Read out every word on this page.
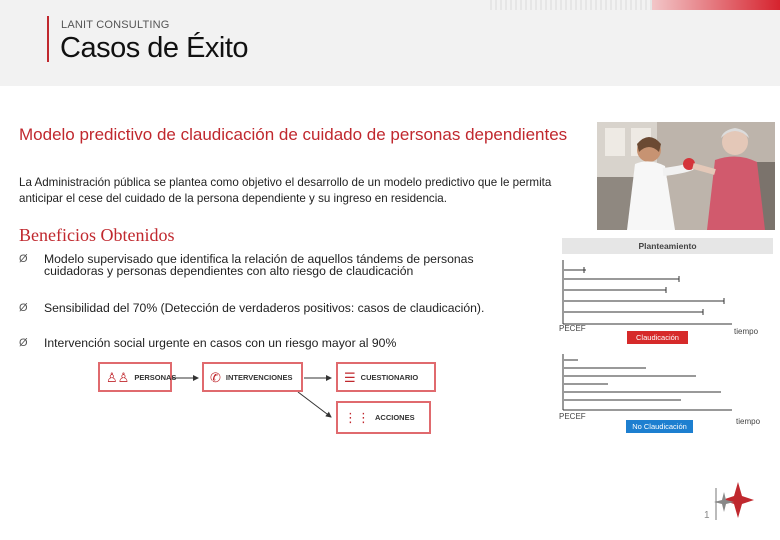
LANIT CONSULTING
Casos de Éxito
Modelo predictivo de claudicación de cuidado de personas dependientes
La Administración pública se plantea como objetivo el desarrollo de un modelo predictivo que le permita anticipar el cese del cuidado de la persona dependiente y su ingreso en residencia.
Beneficios Obtenidos
Ø Modelo supervisado que identifica la relación de aquellos tándems de personas cuidadoras y personas dependientes con alto riesgo de claudicación
Ø Sensibilidad del 70% (Detección de verdaderos positivos: casos de claudicación).
Ø Intervención social urgente en casos con un riesgo mayor al 90%
♙♙ PERSONAS	✆ INTERVENCIONES	☰ CUESTIONARIO
⋮⋮ ACCIONES
Planteamiento
PECEF	tiempo
Claudicación
PECEF
tiempo
No Claudicación
1
